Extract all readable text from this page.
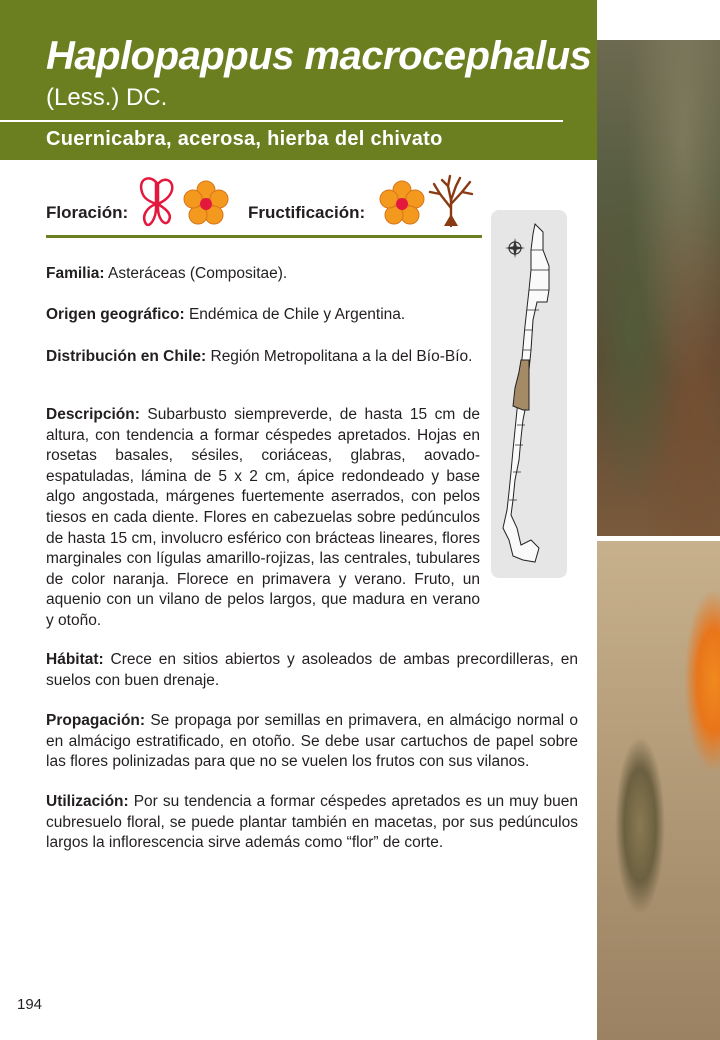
Haplopappus macrocephalus
(Less.) DC.
Cuernicabra, acerosa, hierba del chivato
Floración:	Fructificación:
Familia: Asteráceas (Compositae).
Origen geográfico: Endémica de Chile y Argentina.
Distribución en Chile: Región Metropolitana a la del Bío-Bío.
Descripción: Subarbusto siempreverde, de hasta 15 cm de altura, con tendencia a formar céspedes apretados. Hojas en rosetas basales, sésiles, coriáceas, glabras, aovado-espatuladas, lámina de 5 x 2 cm, ápice redondeado y base algo angostada, márgenes fuertemente aserrados, con pelos tiesos en cada diente. Flores en cabezuelas sobre pedúnculos de hasta 15 cm, involucro esférico con brácteas lineares, flores marginales con lígulas amarillo-rojizas, las centrales, tubulares de color naranja. Florece en primavera y verano. Fruto, un aquenio con un vilano de pelos largos, que madura en verano y otoño.
Hábitat: Crece en sitios abiertos y asoleados de ambas precordilleras, en suelos con buen drenaje.
Propagación: Se propaga por semillas en primavera, en almácigo normal o en almácigo estratificado, en otoño. Se debe usar cartuchos de papel sobre las flores polinizadas para que no se vuelen los frutos con sus vilanos.
Utilización: Por su tendencia a formar céspedes apretados es un muy buen cubresuelo floral, se puede plantar también en macetas, por sus pedúnculos largos la inflorescencia sirve además como “flor” de corte.
194
